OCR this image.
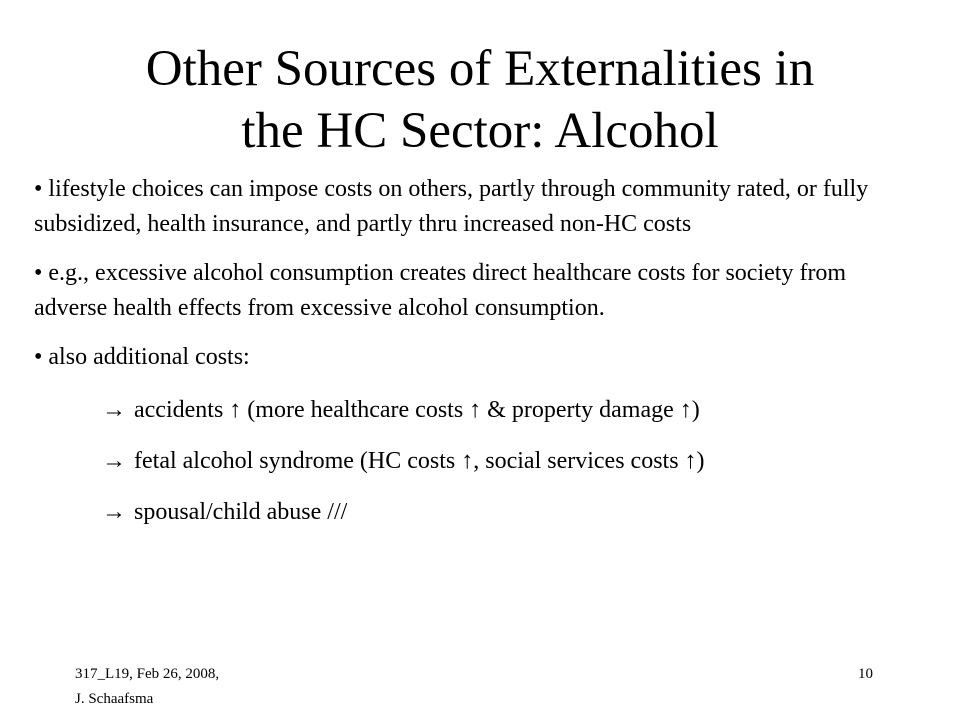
Other Sources of Externalities in
the HC Sector: Alcohol

• lifestyle choices can impose costs on others, partly through community rated, or fully subsidized, health insurance, and partly thru increased non-HC costs

• e.g., excessive alcohol consumption creates direct healthcare costs for society from adverse health effects from excessive alcohol consumption.

• also additional costs:

→ accidents ↑ (more healthcare costs ↑ & property damage ↑)

→ fetal alcohol syndrome (HC costs ↑, social services costs ↑)

→ spousal/child abuse ///

317_L19, Feb 26, 2008,
J. Schaafsma
10
